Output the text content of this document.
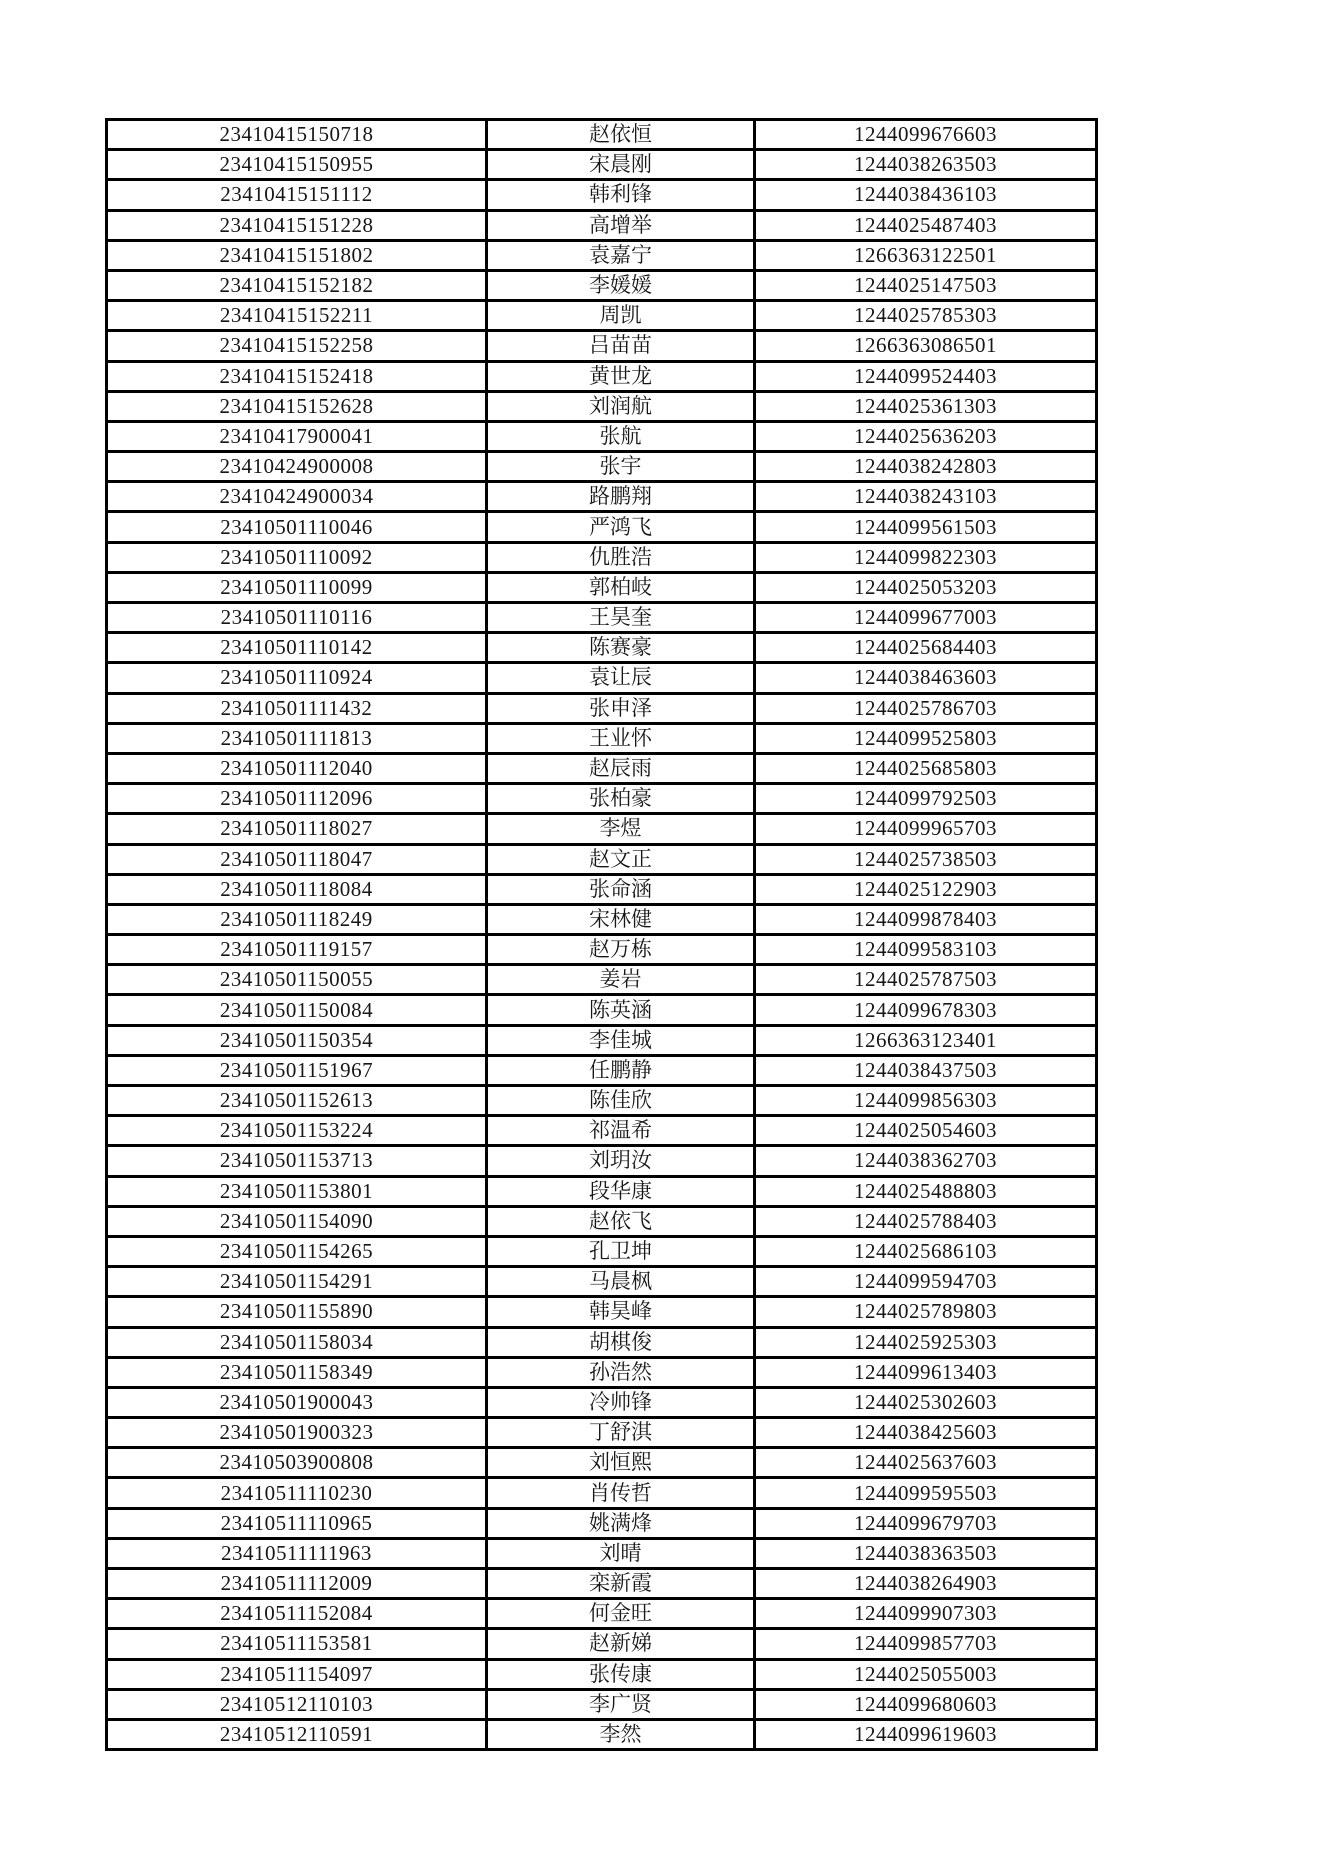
23410415150718	赵依恒	1244099676603
23410415150955	宋晨刚	1244038263503
23410415151112	韩利锋	1244038436103
23410415151228	高增举	1244025487403
23410415151802	袁嘉宁	1266363122501
23410415152182	李媛媛	1244025147503
23410415152211	周凯	1244025785303
23410415152258	吕苗苗	1266363086501
23410415152418	黄世龙	1244099524403
23410415152628	刘润航	1244025361303
23410417900041	张航	1244025636203
23410424900008	张宇	1244038242803
23410424900034	路鹏翔	1244038243103
23410501110046	严鸿飞	1244099561503
23410501110092	仇胜浩	1244099822303
23410501110099	郭柏岐	1244025053203
23410501110116	王昊奎	1244099677003
23410501110142	陈赛豪	1244025684403
23410501110924	袁让辰	1244038463603
23410501111432	张申泽	1244025786703
23410501111813	王业怀	1244099525803
23410501112040	赵辰雨	1244025685803
23410501112096	张柏豪	1244099792503
23410501118027	李煜	1244099965703
23410501118047	赵文正	1244025738503
23410501118084	张命涵	1244025122903
23410501118249	宋林健	1244099878403
23410501119157	赵万栋	1244099583103
23410501150055	姜岩	1244025787503
23410501150084	陈英涵	1244099678303
23410501150354	李佳城	1266363123401
23410501151967	任鹏静	1244038437503
23410501152613	陈佳欣	1244099856303
23410501153224	祁温希	1244025054603
23410501153713	刘玥汝	1244038362703
23410501153801	段华康	1244025488803
23410501154090	赵依飞	1244025788403
23410501154265	孔卫坤	1244025686103
23410501154291	马晨枫	1244099594703
23410501155890	韩昊峰	1244025789803
23410501158034	胡棋俊	1244025925303
23410501158349	孙浩然	1244099613403
23410501900043	冷帅锋	1244025302603
23410501900323	丁舒淇	1244038425603
23410503900808	刘恒熙	1244025637603
23410511110230	肖传哲	1244099595503
23410511110965	姚满烽	1244099679703
23410511111963	刘晴	1244038363503
23410511112009	栾新霞	1244038264903
23410511152084	何金旺	1244099907303
23410511153581	赵新娣	1244099857703
23410511154097	张传康	1244025055003
23410512110103	李广贤	1244099680603
23410512110591	李然	1244099619603
